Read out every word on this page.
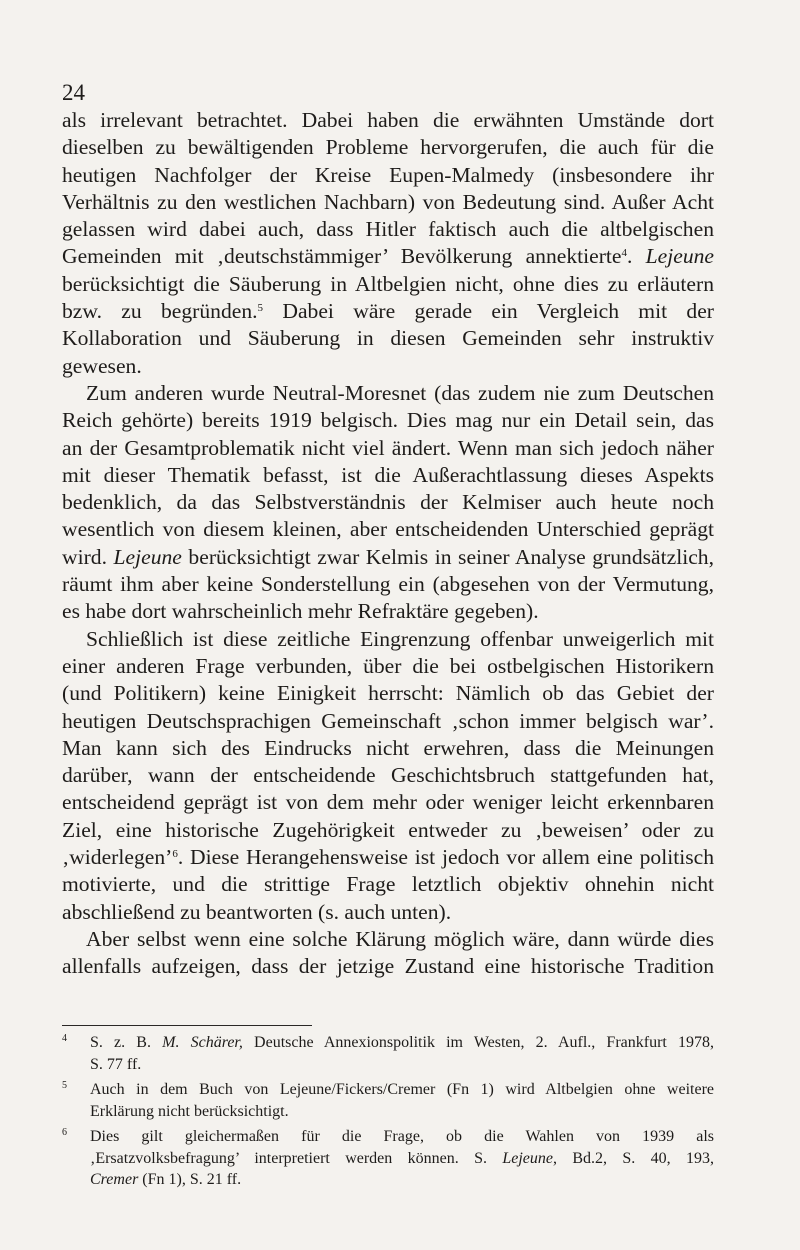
24
als irrelevant betrachtet. Dabei haben die erwähnten Umstände dort
dieselben zu bewältigenden Probleme hervorgerufen, die auch für die
heutigen Nachfolger der Kreise Eupen-Malmedy (insbesondere ihr
Verhältnis zu den westlichen Nachbarn) von Bedeutung sind. Außer Acht
gelassen wird dabei auch, dass Hitler faktisch auch die altbelgischen
Gemeinden mit ‚deutschstämmiger’ Bevölkerung annektierte$^4$. Lejeune
berücksichtigt die Säuberung in Altbelgien nicht, ohne dies zu erläutern
bzw. zu begründen.$^5$ Dabei wäre gerade ein Vergleich mit der
Kollaboration und Säuberung in diesen Gemeinden sehr instruktiv
gewesen.
Zum anderen wurde Neutral-Moresnet (das zudem nie zum Deutschen
Reich gehörte) bereits 1919 belgisch. Dies mag nur ein Detail sein, das
an der Gesamtproblematik nicht viel ändert. Wenn man sich jedoch näher
mit dieser Thematik befasst, ist die Außerachtlassung dieses Aspekts
bedenklich, da das Selbstverständnis der Kelmiser auch heute noch
wesentlich von diesem kleinen, aber entscheidenden Unterschied geprägt
wird. Lejeune berücksichtigt zwar Kelmis in seiner Analyse grundsätzlich,
räumt ihm aber keine Sonderstellung ein (abgesehen von der Vermutung,
es habe dort wahrscheinlich mehr Refraktäre gegeben).
Schließlich ist diese zeitliche Eingrenzung offenbar unweigerlich mit
einer anderen Frage verbunden, über die bei ostbelgischen Historikern
(und Politikern) keine Einigkeit herrscht: Nämlich ob das Gebiet der
heutigen Deutschsprachigen Gemeinschaft ‚schon immer belgisch war’.
Man kann sich des Eindrucks nicht erwehren, dass die Meinungen
darüber, wann der entscheidende Geschichtsbruch stattgefunden hat,
entscheidend geprägt ist von dem mehr oder weniger leicht erkennbaren
Ziel, eine historische Zugehörigkeit entweder zu ‚beweisen’ oder zu
‚widerlegen’$^6$. Diese Herangehensweise ist jedoch vor allem eine politisch
motivierte, und die strittige Frage letztlich objektiv ohnehin nicht
abschließend zu beantworten (s. auch unten).
Aber selbst wenn eine solche Klärung möglich wäre, dann würde dies
allenfalls aufzeigen, dass der jetzige Zustand eine historische Tradition
4 S. z. B. M. Schärer, Deutsche Annexionspolitik im Westen, 2. Aufl., Frankfurt 1978,
S. 77 ff.
5 Auch in dem Buch von Lejeune/Fickers/Cremer (Fn 1) wird Altbelgien ohne weitere
Erklärung nicht berücksichtigt.
6 Dies gilt gleichermaßen für die Frage, ob die Wahlen von 1939 als
‚Ersatzvolksbefragung’ interpretiert werden können. S. Lejeune, Bd.2, S. 40, 193,
Cremer (Fn 1), S. 21 ff.
